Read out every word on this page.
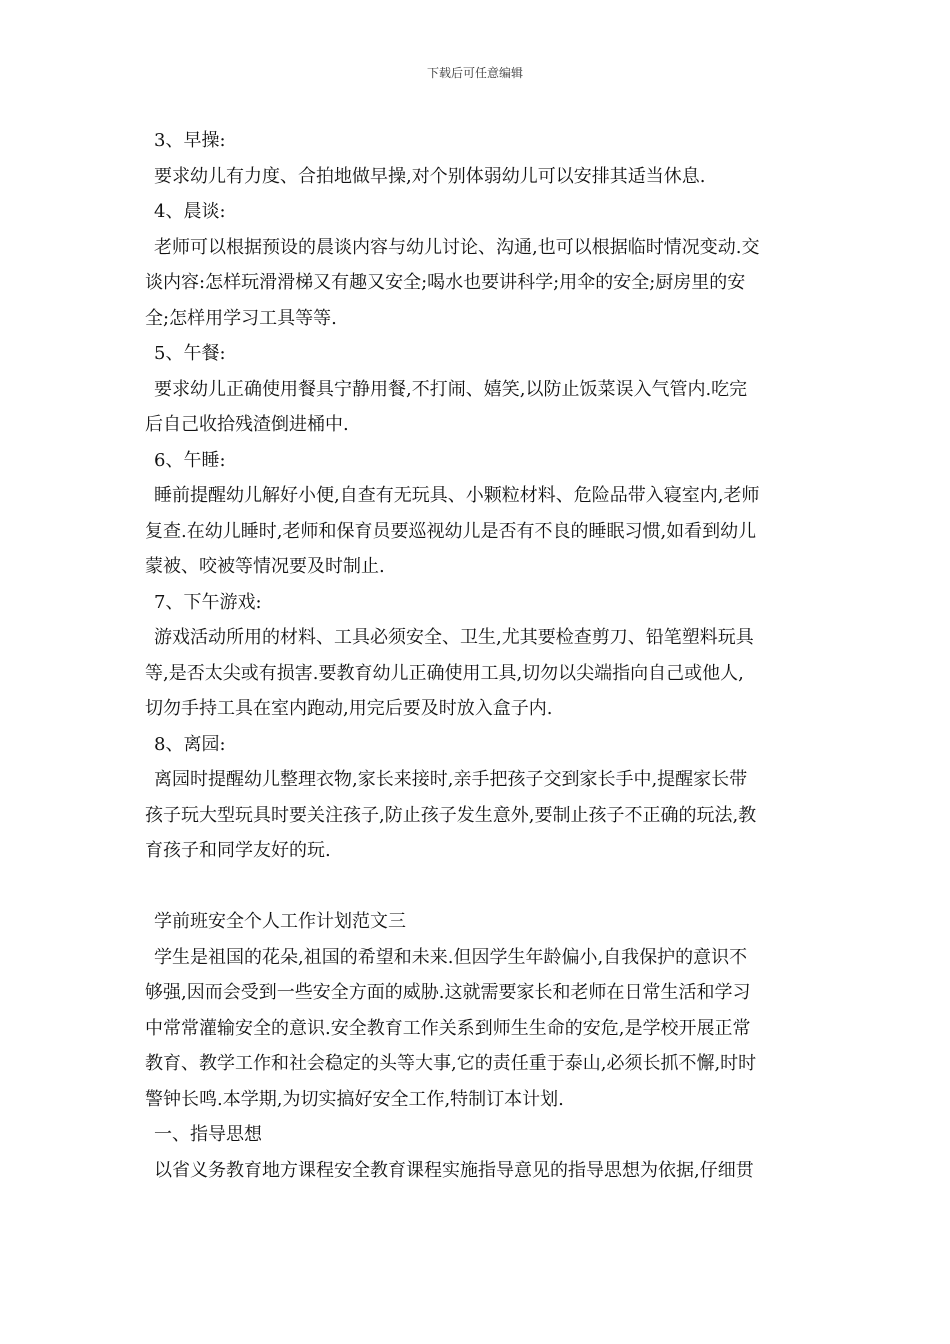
下载后可任意编辑
3、早操:
要求幼儿有力度、合拍地做早操,对个别体弱幼儿可以安排其适当休息.
4、晨谈:
老师可以根据预设的晨谈内容与幼儿讨论、沟通,也可以根据临时情况变动.交
谈内容:怎样玩滑滑梯又有趣又安全;喝水也要讲科学;用伞的安全;厨房里的安
全;怎样用学习工具等等.
5、午餐:
要求幼儿正确使用餐具宁静用餐,不打闹、嬉笑,以防止饭菜误入气管内.吃完
后自己收拾残渣倒进桶中.
6、午睡:
睡前提醒幼儿解好小便,自查有无玩具、小颗粒材料、危险品带入寝室内,老师
复查.在幼儿睡时,老师和保育员要巡视幼儿是否有不良的睡眠习惯,如看到幼儿
蒙被、咬被等情况要及时制止.
7、下午游戏:
游戏活动所用的材料、工具必须安全、卫生,尤其要检查剪刀、铅笔塑料玩具
等,是否太尖或有损害.要教育幼儿正确使用工具,切勿以尖端指向自己或他人,
切勿手持工具在室内跑动,用完后要及时放入盒子内.
8、离园:
离园时提醒幼儿整理衣物,家长来接时,亲手把孩子交到家长手中,提醒家长带
孩子玩大型玩具时要关注孩子,防止孩子发生意外,要制止孩子不正确的玩法,教
育孩子和同学友好的玩.
学前班安全个人工作计划范文三
学生是祖国的花朵,祖国的希望和未来.但因学生年龄偏小,自我保护的意识不
够强,因而会受到一些安全方面的威胁.这就需要家长和老师在日常生活和学习
中常常灌输安全的意识.安全教育工作关系到师生生命的安危,是学校开展正常
教育、教学工作和社会稳定的头等大事,它的责任重于泰山,必须长抓不懈,时时
警钟长鸣.本学期,为切实搞好安全工作,特制订本计划.
一、指导思想
以省义务教育地方课程安全教育课程实施指导意见的指导思想为依据,仔细贯
